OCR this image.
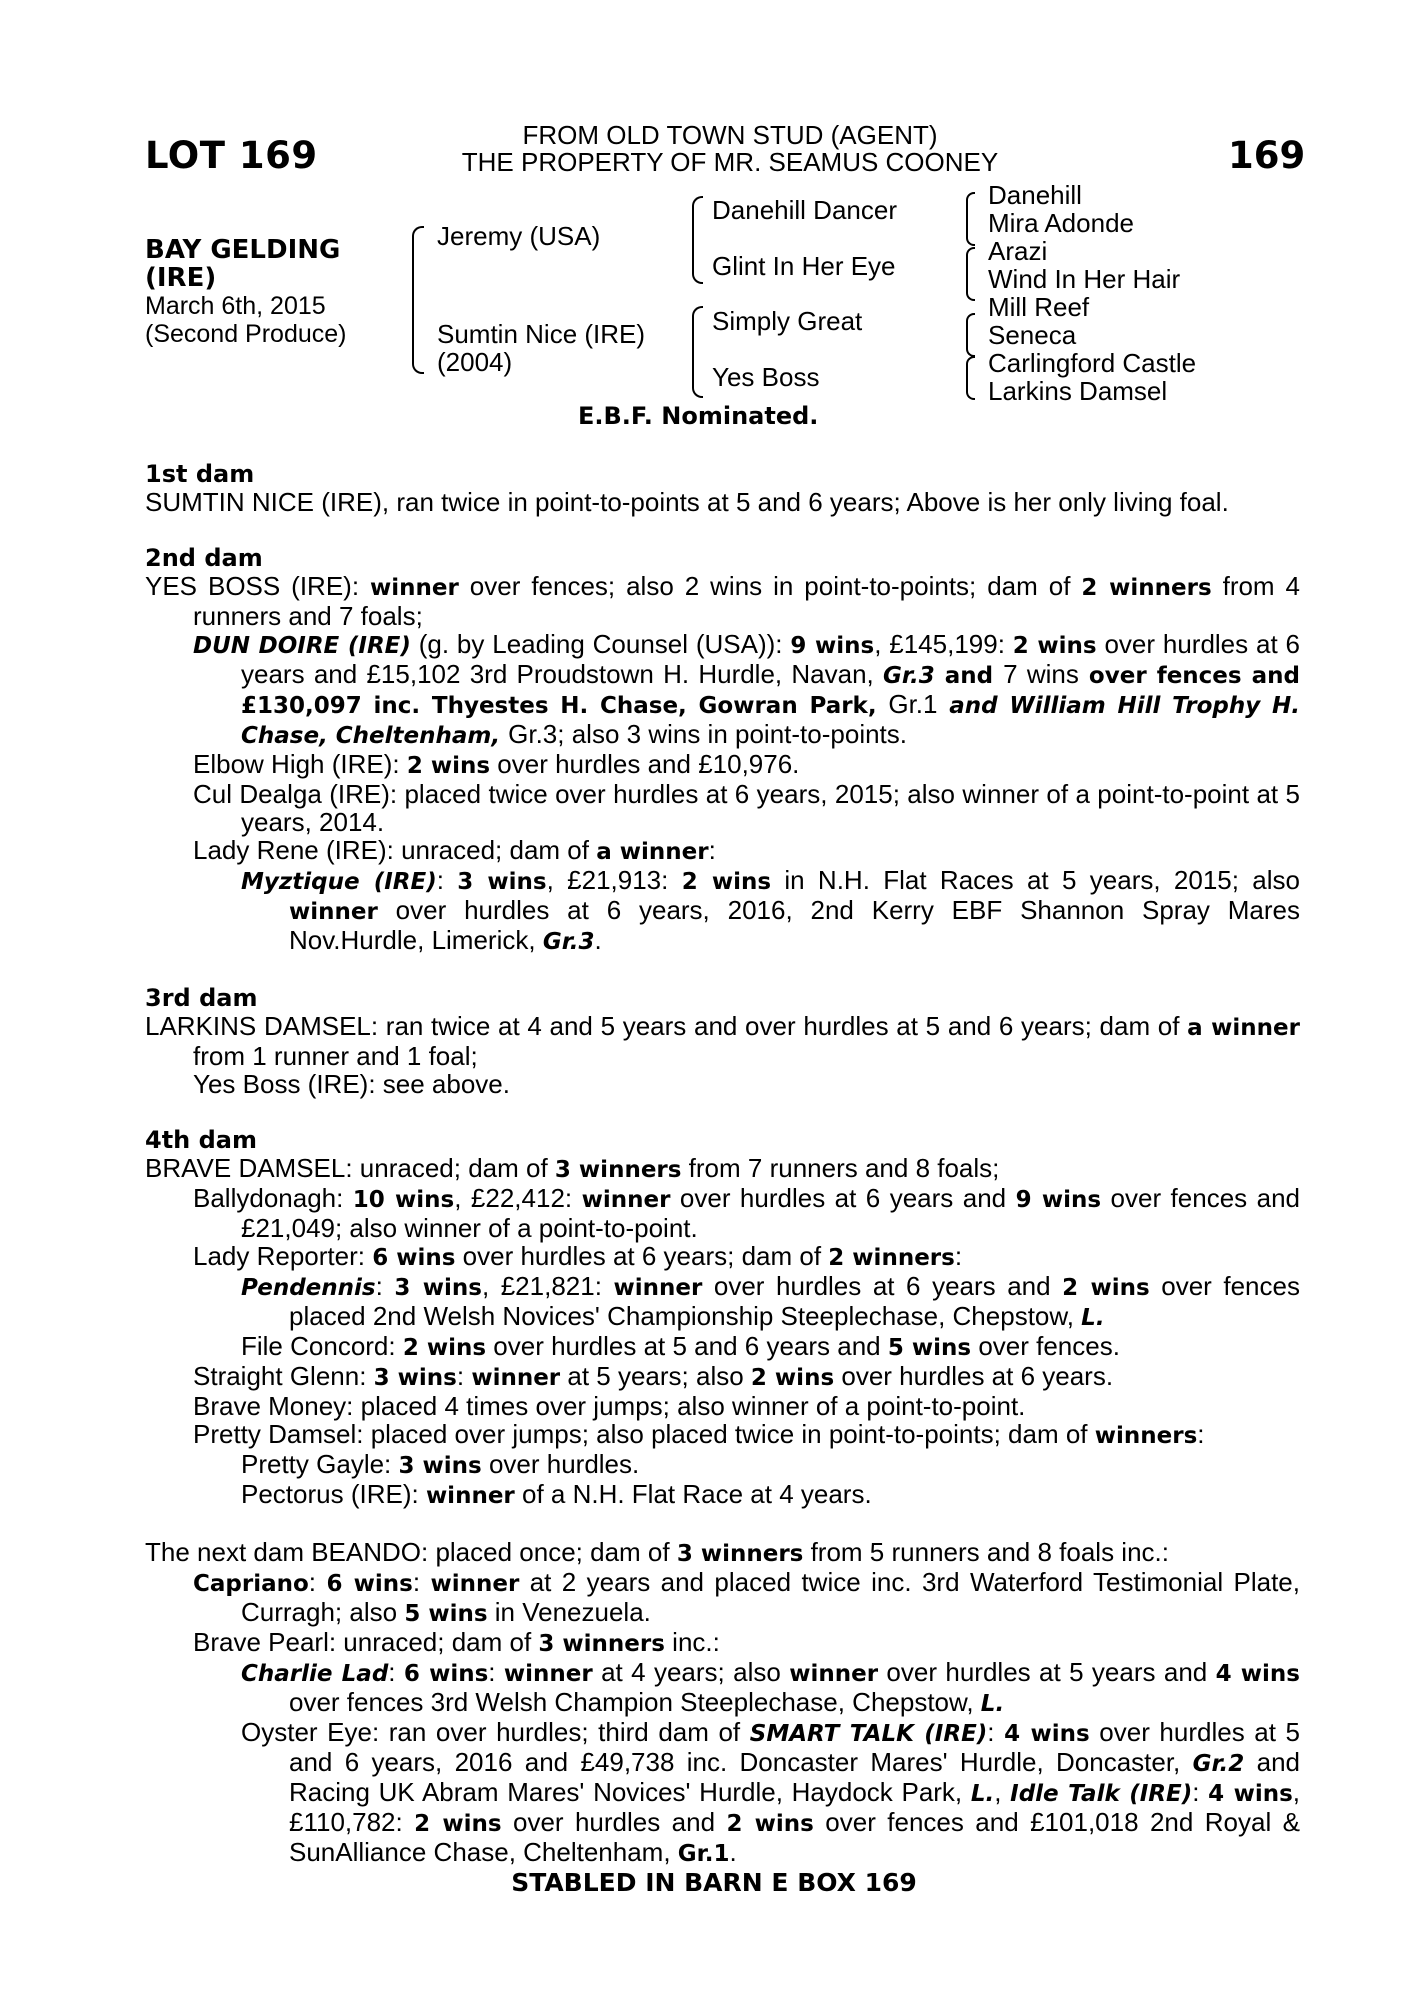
LOT 169	FROM OLD TOWN STUD (AGENT)
THE PROPERTY OF MR. SEAMUS COONEY	169
BAY GELDING
(IRE)
March 6th, 2015
(Second Produce)
Jeremy (USA)
Sumtin Nice (IRE)
(2004)
Danehill Dancer
Glint In Her Eye
Simply Great
Yes Boss
Danehill
Mira Adonde
Arazi
Wind In Her Hair
Mill Reef
Seneca
Carlingford Castle
Larkins Damsel
E.B.F. Nominated.
1st dam

SUMTIN NICE (IRE), ran twice in point-to-points at 5 and 6 years; Above is her only living foal.

2nd dam

YES BOSS (IRE): winner over fences; also 2 wins in point-to-points; dam of 2 winners from 4 runners and 7 foals;

DUN DOIRE (IRE) (g. by Leading Counsel (USA)): 9 wins, £145,199: 2 wins over hurdles at 6 years and £15,102 3rd Proudstown H. Hurdle, Navan, Gr.3 and 7 wins over fences and £130,097 inc. Thyestes H. Chase, Gowran Park, Gr.1 and William Hill Trophy H. Chase, Cheltenham, Gr.3; also 3 wins in point-to-points.

Elbow High (IRE): 2 wins over hurdles and £10,976.

Cul Dealga (IRE): placed twice over hurdles at 6 years, 2015; also winner of a point-to-point at 5 years, 2014.

Lady Rene (IRE): unraced; dam of a winner:

Myztique (IRE): 3 wins, £21,913: 2 wins in N.H. Flat Races at 5 years, 2015; also winner over hurdles at 6 years, 2016, 2nd Kerry EBF Shannon Spray Mares Nov.Hurdle, Limerick, Gr.3.

3rd dam

LARKINS DAMSEL: ran twice at 4 and 5 years and over hurdles at 5 and 6 years; dam of a winner from 1 runner and 1 foal;

Yes Boss (IRE): see above.

4th dam

BRAVE DAMSEL: unraced; dam of 3 winners from 7 runners and 8 foals;

Ballydonagh: 10 wins, £22,412: winner over hurdles at 6 years and 9 wins over fences and £21,049; also winner of a point-to-point.

Lady Reporter: 6 wins over hurdles at 6 years; dam of 2 winners:

Pendennis: 3 wins, £21,821: winner over hurdles at 6 years and 2 wins over fences placed 2nd Welsh Novices' Championship Steeplechase, Chepstow, L.

File Concord: 2 wins over hurdles at 5 and 6 years and 5 wins over fences.

Straight Glenn: 3 wins: winner at 5 years; also 2 wins over hurdles at 6 years.

Brave Money: placed 4 times over jumps; also winner of a point-to-point.

Pretty Damsel: placed over jumps; also placed twice in point-to-points; dam of winners:

Pretty Gayle: 3 wins over hurdles.

Pectorus (IRE): winner of a N.H. Flat Race at 4 years.

The next dam BEANDO: placed once; dam of 3 winners from 5 runners and 8 foals inc.:

Capriano: 6 wins: winner at 2 years and placed twice inc. 3rd Waterford Testimonial Plate, Curragh; also 5 wins in Venezuela.

Brave Pearl: unraced; dam of 3 winners inc.:

Charlie Lad: 6 wins: winner at 4 years; also winner over hurdles at 5 years and 4 wins over fences 3rd Welsh Champion Steeplechase, Chepstow, L.

Oyster Eye: ran over hurdles; third dam of SMART TALK (IRE): 4 wins over hurdles at 5 and 6 years, 2016 and £49,738 inc. Doncaster Mares' Hurdle, Doncaster, Gr.2 and Racing UK Abram Mares' Novices' Hurdle, Haydock Park, L., Idle Talk (IRE): 4 wins, £110,782: 2 wins over hurdles and 2 wins over fences and £101,018 2nd Royal & SunAlliance Chase, Cheltenham, Gr.1.

STABLED IN BARN E BOX 169
